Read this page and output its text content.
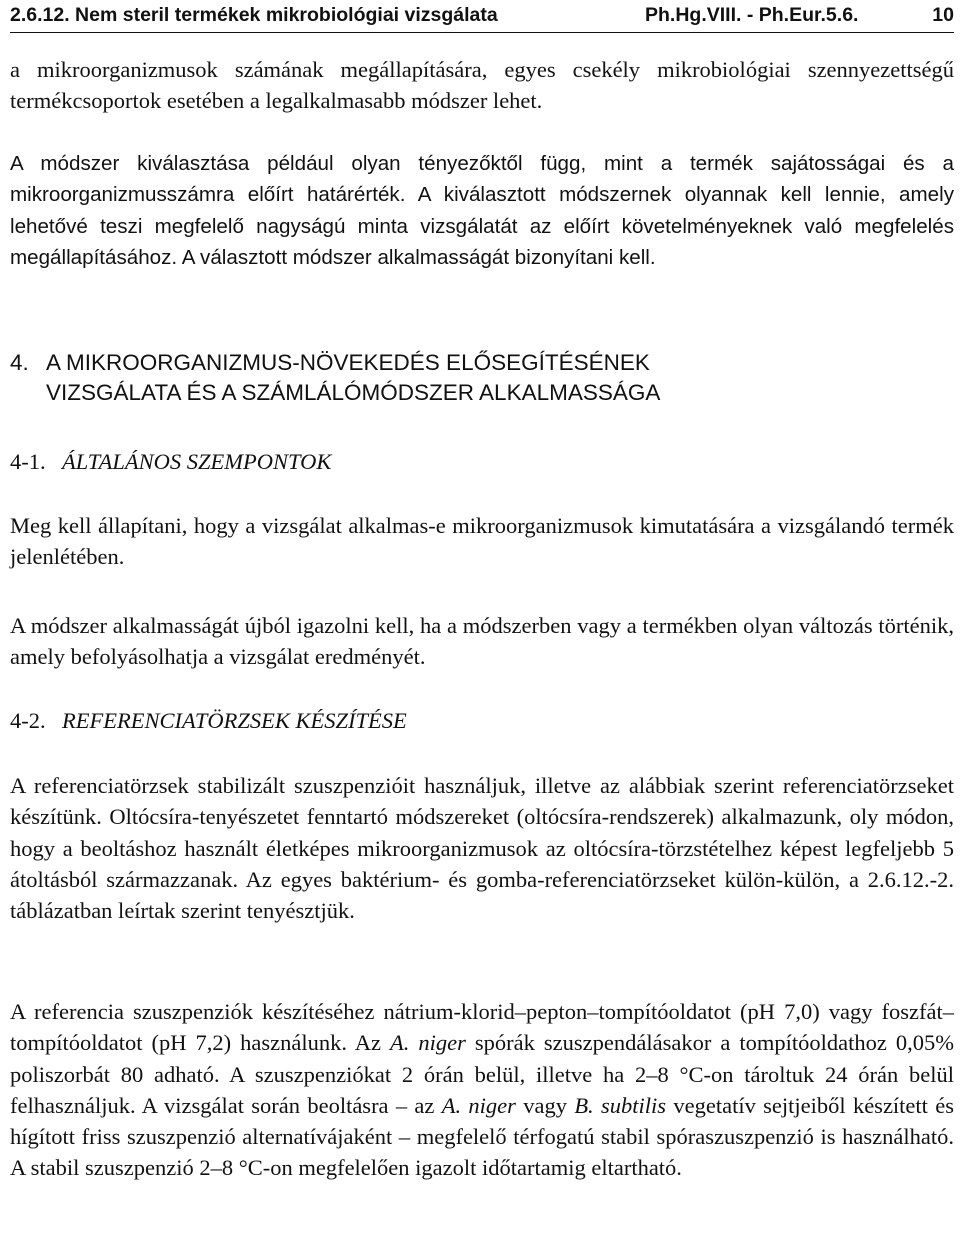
2.6.12. Nem steril termékek mikrobiológiai vizsgálata	Ph.Hg.VIII. - Ph.Eur.5.6.	10

a mikroorganizmusok számának megállapítására, egyes csekély mikrobiológiai szennyezettségű termékcsoportok esetében a legalkalmasabb módszer lehet.

A módszer kiválasztása például olyan tényezőktől függ, mint a termék sajátosságai és a mikroorganizmusszámra előírt határérték. A kiválasztott módszernek olyannak kell lennie, amely lehetővé teszi megfelelő nagyságú minta vizsgálatát az előírt követelményeknek való megfelelés megállapításához. A választott módszer alkalmasságát bizonyítani kell.

4. A MIKROORGANIZMUS-NÖVEKEDÉS ELŐSEGÍTÉSÉNEK
VIZSGÁLATA ÉS A SZÁMLÁLÓMÓDSZER ALKALMASSÁGA
4-1. ÁLTALÁNOS SZEMPONTOK

Meg kell állapítani, hogy a vizsgálat alkalmas-e mikroorganizmusok kimutatására a vizsgálandó termék jelenlétében.

A módszer alkalmasságát újból igazolni kell, ha a módszerben vagy a termékben olyan változás történik, amely befolyásolhatja a vizsgálat eredményét.

4-2. REFERENCIATÖRZSEK KÉSZÍTÉSE

A referenciatörzsek stabilizált szuszpenzióit használjuk, illetve az alábbiak szerint referenciatörzseket készítünk. Oltócsíra-tenyészetet fenntartó módszereket (oltócsíra-rendszerek) alkalmazunk, oly módon, hogy a beoltáshoz használt életképes mikroorganizmusok az oltócsíra-törzstételhez képest legfeljebb 5 átoltásból származzanak. Az egyes baktérium- és gomba-referenciatörzseket külön-külön, a 2.6.12.-2. táblázatban leírtak szerint tenyésztjük.

A referencia szuszpenziók készítéséhez nátrium-klorid–pepton–tompítóoldatot (pH 7,0) vagy foszfát–tompítóoldatot (pH 7,2) használunk. Az A. niger spórák szuszpendálásakor a tompítóoldathoz 0,05% poliszorbát 80 adható. A szuszpenziókat 2 órán belül, illetve ha 2–8 °C-on tároltuk 24 órán belül felhasználjuk. A vizsgálat során beoltásra – az A. niger vagy B. subtilis vegetatív sejtjeiből készített és hígított friss szuszpenzió alternatívájaként – megfelelő térfogatú stabil spóraszuszpenzió is használható. A stabil szuszpenzió 2–8 °C-on megfelelően igazolt időtartamig eltartható.
